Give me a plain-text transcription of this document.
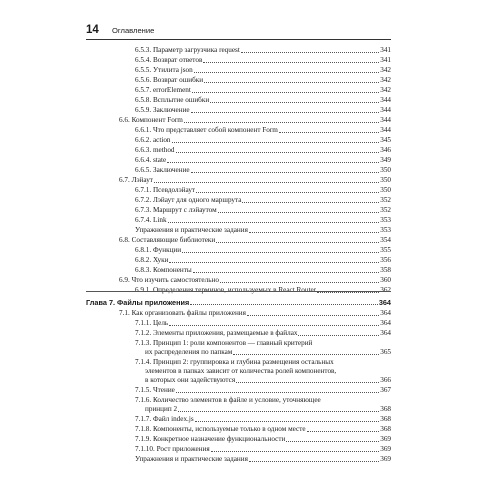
14	Оглавление
6.5.3. Параметр загрузчика request	341
6.5.4. Возврат ответов	341
6.5.5. Утилита json	342
6.5.6. Возврат ошибки	342
6.5.7. errorElement	342
6.5.8. Всплытие ошибки	344
6.5.9. Заключение	344
6.6. Компонент Form	344
6.6.1. Что представляет собой компонент Form	344
6.6.2. action	345
6.6.3. method	346
6.6.4. state	349
6.6.5. Заключение	350
6.7. Лэйаут	350
6.7.1. Псевдолэйаут	350
6.7.2. Лэйаут для одного маршрута	352
6.7.3. Маршрут с лэйаутом	352
6.7.4. Link	353
Упражнения и практические задания	353
6.8. Составляющие библиотеки	354
6.8.1. Функции	355
6.8.2. Хуки	356
6.8.3. Компоненты	358
6.9. Что изучить самостоятельно	360
6.9.1. Определения терминов, используемых в React Router	362
Глава 7. Файлы приложения	364
7.1. Как организовать файлы приложения	364
7.1.1. Цель	364
7.1.2. Элементы приложения, размещаемые в файлах	364
7.1.3. Принцип 1: роли компонентов — главный критерий
их распределения по папкам	365
7.1.4. Принцип 2: группировка и глубина размещения остальных
элементов в папках зависит от количества ролей компонентов,
в которых они задействуются	366
7.1.5. Чтение	367
7.1.6. Количество элементов в файле и условие, уточняющее
принцип 2	368
7.1.7. Файл index.js	368
7.1.8. Компоненты, используемые только в одном месте	368
7.1.9. Конкретное назначение функциональности	369
7.1.10. Рост приложения	369
Упражнения и практические задания	369
